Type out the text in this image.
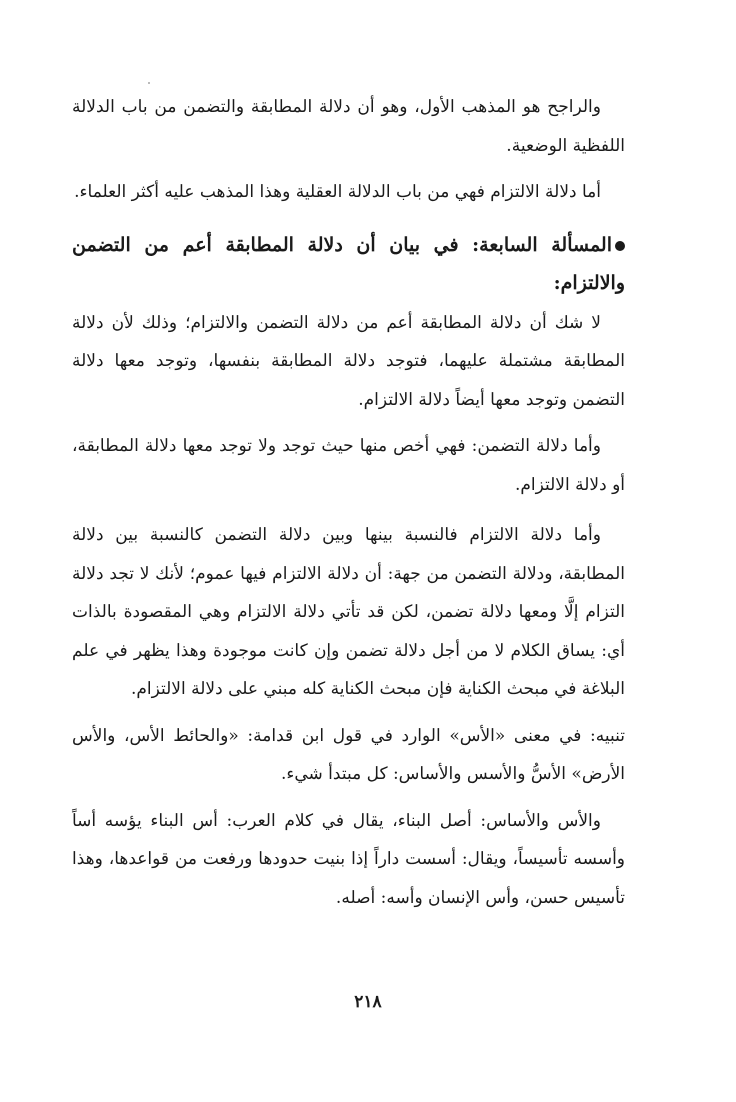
والراجح هو المذهب الأول، وهو أن دلالة المطابقة والتضمن من باب الدلالة اللفظية الوضعية.

أما دلالة الالتزام فهي من باب الدلالة العقلية وهذا المذهب عليه أكثر العلماء.

المسألة السابعة: في بيان أن دلالة المطابقة أعم من التضمن والالتزام:

لا شك أن دلالة المطابقة أعم من دلالة التضمن والالتزام؛ وذلك لأن دلالة المطابقة مشتملة عليهما، فتوجد دلالة المطابقة بنفسها، وتوجد معها دلالة التضمن وتوجد معها أيضاً دلالة الالتزام.

وأما دلالة التضمن: فهي أخص منها حيث توجد ولا توجد معها دلالة المطابقة، أو دلالة الالتزام.

وأما دلالة الالتزام فالنسبة بينها وبين دلالة التضمن كالنسبة بين دلالة المطابقة، ودلالة التضمن من جهة: أن دلالة الالتزام فيها عموم؛ لأنك لا تجد دلالة التزام إلَّا ومعها دلالة تضمن، لكن قد تأتي دلالة الالتزام وهي المقصودة بالذات أي: يساق الكلام لا من أجل دلالة تضمن وإن كانت موجودة وهذا يظهر في علم البلاغة في مبحث الكناية فإن مبحث الكناية كله مبني على دلالة الالتزام.

تنبيه: في معنى «الأس» الوارد في قول ابن قدامة: «والحائط الأس، والأس الأرض» الأسُّ والأسس والأساس: كل مبتدأ شيء.

والأس والأساس: أصل البناء، يقال في كلام العرب: أس البناء يؤسه أساً وأسسه تأسيساً، ويقال: أسست داراً إذا بنيت حدودها ورفعت من قواعدها، وهذا تأسيس حسن، وأس الإنسان وأسه: أصله.

٢١٨
